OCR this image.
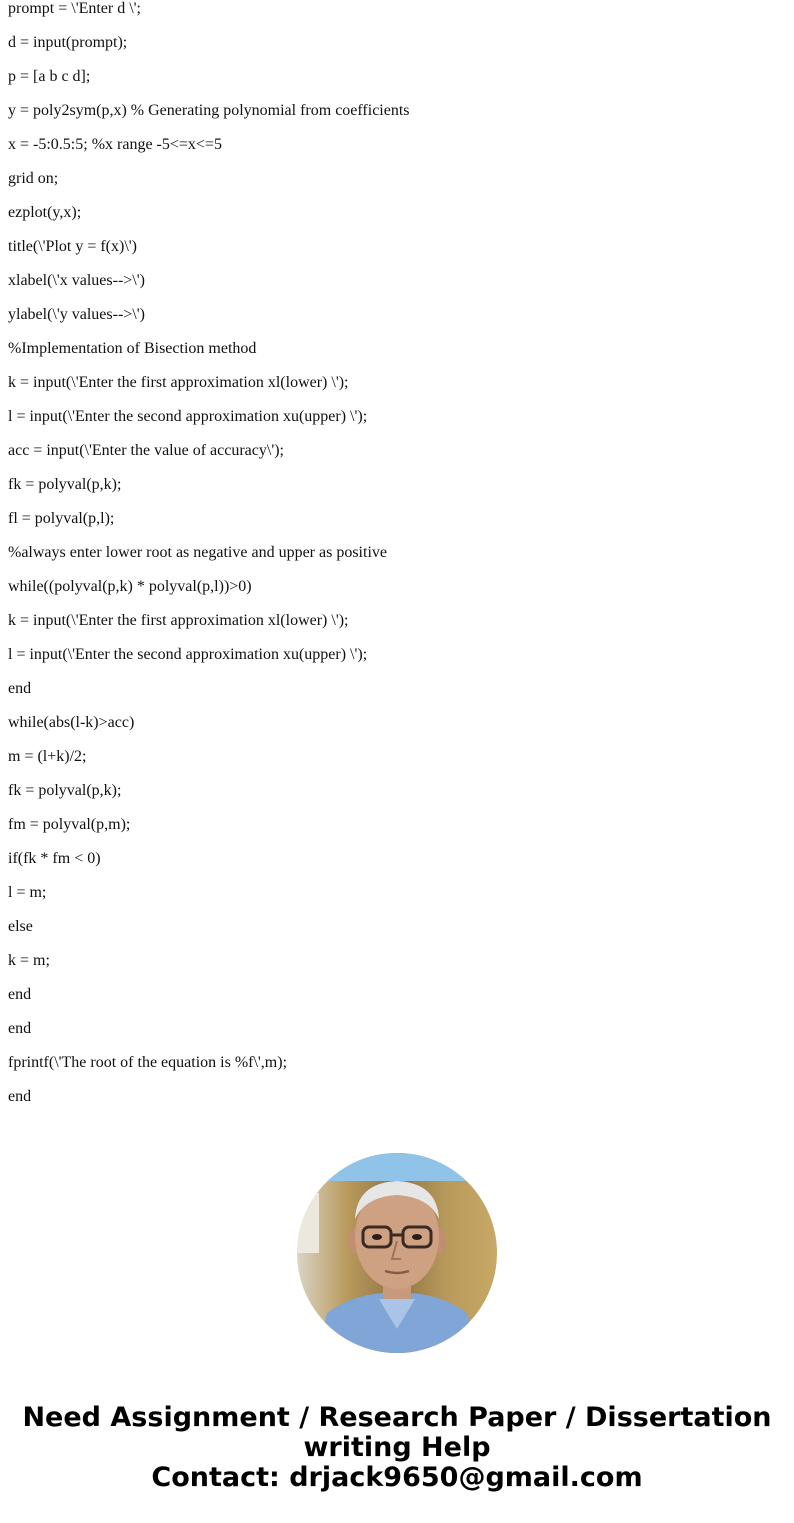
prompt = \'Enter d \';

d = input(prompt);

p = [a b c d];

y = poly2sym(p,x) % Generating polynomial from coefficients

x = -5:0.5:5; %x range -5<=x<=5

grid on;

ezplot(y,x);

title(\'Plot y = f(x)\')

xlabel(\'x values-->\')

ylabel(\'y values-->\')

%Implementation of Bisection method

k = input(\'Enter the first approximation xl(lower) \');

l = input(\'Enter the second approximation xu(upper) \');

acc = input(\'Enter the value of accuracy\');

fk = polyval(p,k);

fl = polyval(p,l);

%always enter lower root as negative and upper as positive

while((polyval(p,k) * polyval(p,l))>0)

k = input(\'Enter the first approximation xl(lower) \');

l = input(\'Enter the second approximation xu(upper) \');

end

while(abs(l-k)>acc)

m = (l+k)/2;

fk = polyval(p,k);

fm = polyval(p,m);

if(fk * fm < 0)

l = m;

else

k = m;

end

end

fprintf(\'The root of the equation is %f\',m);

end

Need Assignment / Research Paper / Dissertation
writing Help
Contact: drjack9650@gmail.com
